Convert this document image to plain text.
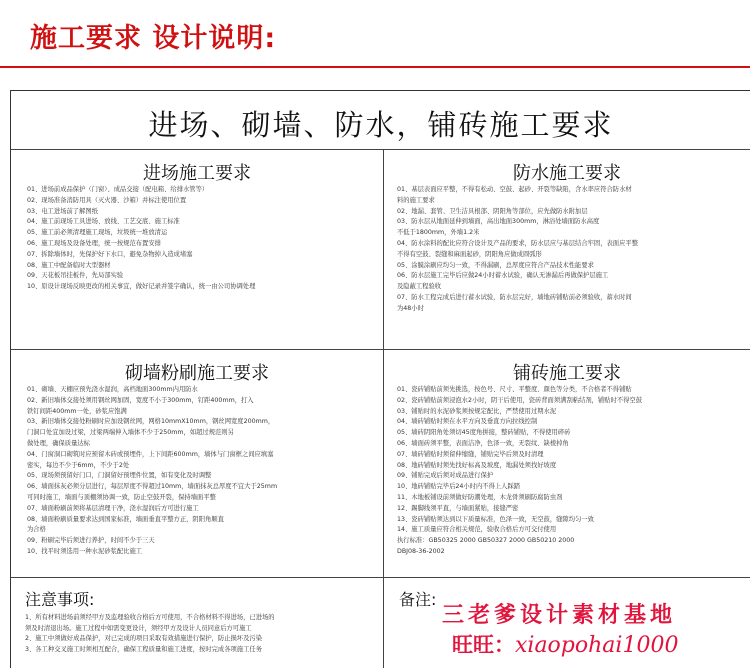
施工要求 设计说明:
进场、砌墙、防水，铺砖施工要求
进场施工要求
01、进场前成品保护（门窗）、成品交接（配电箱、给排水管等）
02、现场准备消防用具（灭火器、沙箱）并标注使用位置
03、电工进场前了解图纸
04、施工前现场工具进场、放线、工艺交底、施工标准
05、施工前必须清理施工现场，垃圾统一堆放清运
06、施工现场及设备处理，统一按规范布置安排
07、拆除墙体时，先保护好下水口，避免杂物掉入造成堵塞
08、施工中配备临时大型器材
09、天花板吊挂板件，先局部实验
10、原设计现场反映更改的相关事宜，做好记录并签字确认，统一由公司协调处理
防水施工要求
01、基层表面应平整，不得有松动、空鼓、起砂、开裂等缺陷，含水率应符合防水材
料的施工要求
02、地漏、套管、卫生洁具根部、阴阳角等部位，应先做防水附加层
03、防水层从地面延伸到墙面，高出地面300mm，淋浴处墙面防水高度
不低于1800mm，外墙1.2米
04、防水涂料的配比应符合设计及产品的要求，防水层应与基层结合牢固，表面应平整
不得有空鼓、裂缝和麻面起砂，阴阳角应做成圆弧形
05、涂膜涂刷应均匀一致，不得漏刷，总厚度应符合产品技术性能要求
06、防水层施工完毕后应做24小时蓄水试验，确认无渗漏后再做保护层施工
及隐蔽工程验收
07、防水工程完成后进行蓄水试验，防水层完好，墙地砖铺贴前必须验收，蓄水时间
为48小时
砌墙粉刷施工要求
01、砌墙、天棚应预先浇水湿润，高档地面300mm内用防水
02、新旧墙体交接处须用钢丝网加固，宽度不小于300mm，钉距400mm，打入
铁钉间距400mm一处，砂浆应饱满
03、新旧墙体交接处粉刷时应加设钢丝网，网格10mmX10mm，钢丝网宽度200mm，
门洞口处宜加设过梁，过梁两端伸入墙体不少于250mm，如超过规范则另
做处理，确保质量达标
04、门窗洞口砌筑时应预留木砖或预埋件，上下间距600mm，墙体与门窗框之间应填塞
密实，每边不少于6mm，不少于2处
05、现场须预留好门口，门洞留好预埋件位置，如有变化及时调整
06、墙面抹灰必须分层进行，每层厚度不得超过10mm，墙面抹灰总厚度不宜大于25mm
可同时施工，墙面与顶棚须协调一致，防止空鼓开裂，保持墙面平整
07、墙面粉刷前须将基层清理干净，浇水湿润后方可进行施工
08、墙面粉刷质量要求达到国家标准，墙面垂直平整方正，阴阳角顺直
为合格
09、粉刷完毕后须进行养护，时间不少于三天
10、找平时须选用一种水泥砂浆配比施工
铺砖施工要求
01、瓷砖铺贴前须先挑选，按色号、尺寸、平整度、颜色等分类，不合格者不得铺贴
02、瓷砖铺贴前须浸泡水2小时，阴干后使用，瓷砖背面须满刮粘结剂，铺贴时不得空鼓
03、铺贴时的水泥砂浆须按规定配比，严禁使用过期水泥
04、墙砖铺贴时须在水平方向及垂直方向拉线控制
05、墙砖阴阳角处须切45度角拼接，整砖铺贴，不得使用碎砖
06、墙面砖须平整，表面洁净，色泽一致，无裂纹、缺棱掉角
07、墙砖铺贴时须留伸缩缝，铺贴完毕后须及时清理
08、地砖铺贴时须先找好标高及坡度，地漏处须找好坡度
09、铺贴完成后须对成品进行保护
10、地砖铺贴完毕后24小时内不得上人踩踏
11、木地板铺设前须做好防潮处理，木龙骨须刷防腐防虫剂
12、踢脚线须平直，与墙面紧贴，接缝严密
13、瓷砖铺贴须达到以下质量标准，色泽一致，无空鼓，缝隙均匀一致
14、施工质量应符合相关规范，验收合格后方可交付使用
执行标准：GB50325 2000 GB50327 2000 GB50210 2000
DBJ08-36-2002
注意事项:
1、所有材料进场前须经甲方及监理验收合格后方可使用，不合格材料不得进场，已进场的
须及时清退出场。施工过程中如需变更设计，须经甲方及设计人员同意后方可施工
2、施工中须做好成品保护，对已完成的项目采取有效措施进行保护，防止损坏及污染
3、各工种交叉施工时须相互配合，确保工程质量和施工进度，按时完成各项施工任务
备注:
三老爹设计素材基地
旺旺：xiaopohai1000
